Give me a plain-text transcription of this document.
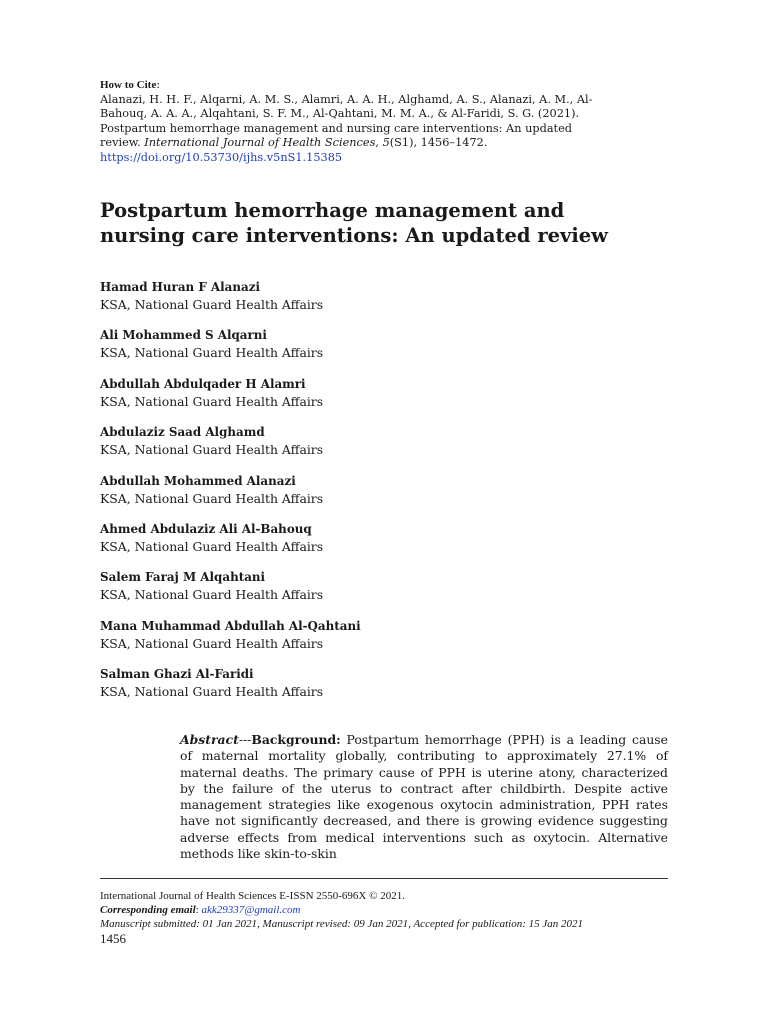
How to Cite:
Alanazi, H. H. F., Alqarni, A. M. S., Alamri, A. A. H., Alghamd, A. S., Alanazi, A. M., Al-
Bahouq, A. A. A., Alqahtani, S. F. M., Al-Qahtani, M. M. A., & Al-Faridi, S. G. (2021).
Postpartum hemorrhage management and nursing care interventions: An updated
review. International Journal of Health Sciences, 5(S1), 1456–1472.
https://doi.org/10.53730/ijhs.v5nS1.15385
Postpartum hemorrhage management and
nursing care interventions: An updated review
Hamad Huran F Alanazi
KSA, National Guard Health Affairs
Ali Mohammed S Alqarni
KSA, National Guard Health Affairs
Abdullah Abdulqader H Alamri
KSA, National Guard Health Affairs
Abdulaziz Saad Alghamd
KSA, National Guard Health Affairs
Abdullah Mohammed Alanazi
KSA, National Guard Health Affairs
Ahmed Abdulaziz Ali Al-Bahouq
KSA, National Guard Health Affairs
Salem Faraj M Alqahtani
KSA, National Guard Health Affairs
Mana Muhammad Abdullah Al-Qahtani
KSA, National Guard Health Affairs
Salman Ghazi Al-Faridi
KSA, National Guard Health Affairs
Abstract---Background: Postpartum hemorrhage (PPH) is a leading cause of maternal mortality globally, contributing to approximately 27.1% of maternal deaths. The primary cause of PPH is uterine atony, characterized by the failure of the uterus to contract after childbirth. Despite active management strategies like exogenous oxytocin administration, PPH rates have not significantly decreased, and there is growing evidence suggesting adverse effects from medical interventions such as oxytocin. Alternative methods like skin-to-skin
International Journal of Health Sciences E-ISSN 2550-696X © 2021.
Corresponding email: akk29337@gmail.com
Manuscript submitted: 01 Jan 2021, Manuscript revised: 09 Jan 2021, Accepted for publication: 15 Jan 2021
1456
